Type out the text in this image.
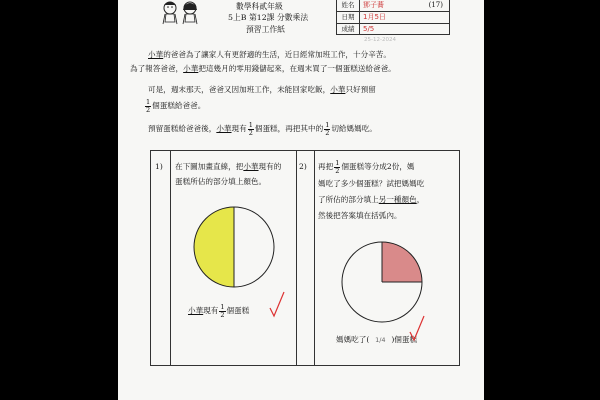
數學科貳年級
5上B 第12課 分數乘法
預習工作紙
姓名	鄧子蕎	(17)
日期	1月5日
成績	5/5
25-12-2024
小華的爸爸為了讓家人有更舒適的生活，近日經常加班工作，十分辛苦。
為了報答爸爸，小華把這幾月的零用錢儲起來，在週末買了一個蛋糕送給爸爸。
可是，週末那天，爸爸又因加班工作，未能回家吃飯，小華只好預留
$\frac{1}{2}$ 個蛋糕給爸爸。
預留蛋糕給爸爸後，小華現有 $\frac{1}{2}$ 個蛋糕，再把其中的 $\frac{1}{2}$ 切給媽媽吃。
1) 在下圖加畫直線，把小華現有的
蛋糕所佔的部分填上顏色。
小華現有 $\frac{1}{2}$ 個蛋糕
2) 再把 $\frac{1}{2}$ 個蛋糕等分成2份，媽
媽吃了多少個蛋糕？試把媽媽吃
了所佔的部分填上另一種顏色，
然後把答案填在括弧內。
媽媽吃了( 1/4 )個蛋糕
